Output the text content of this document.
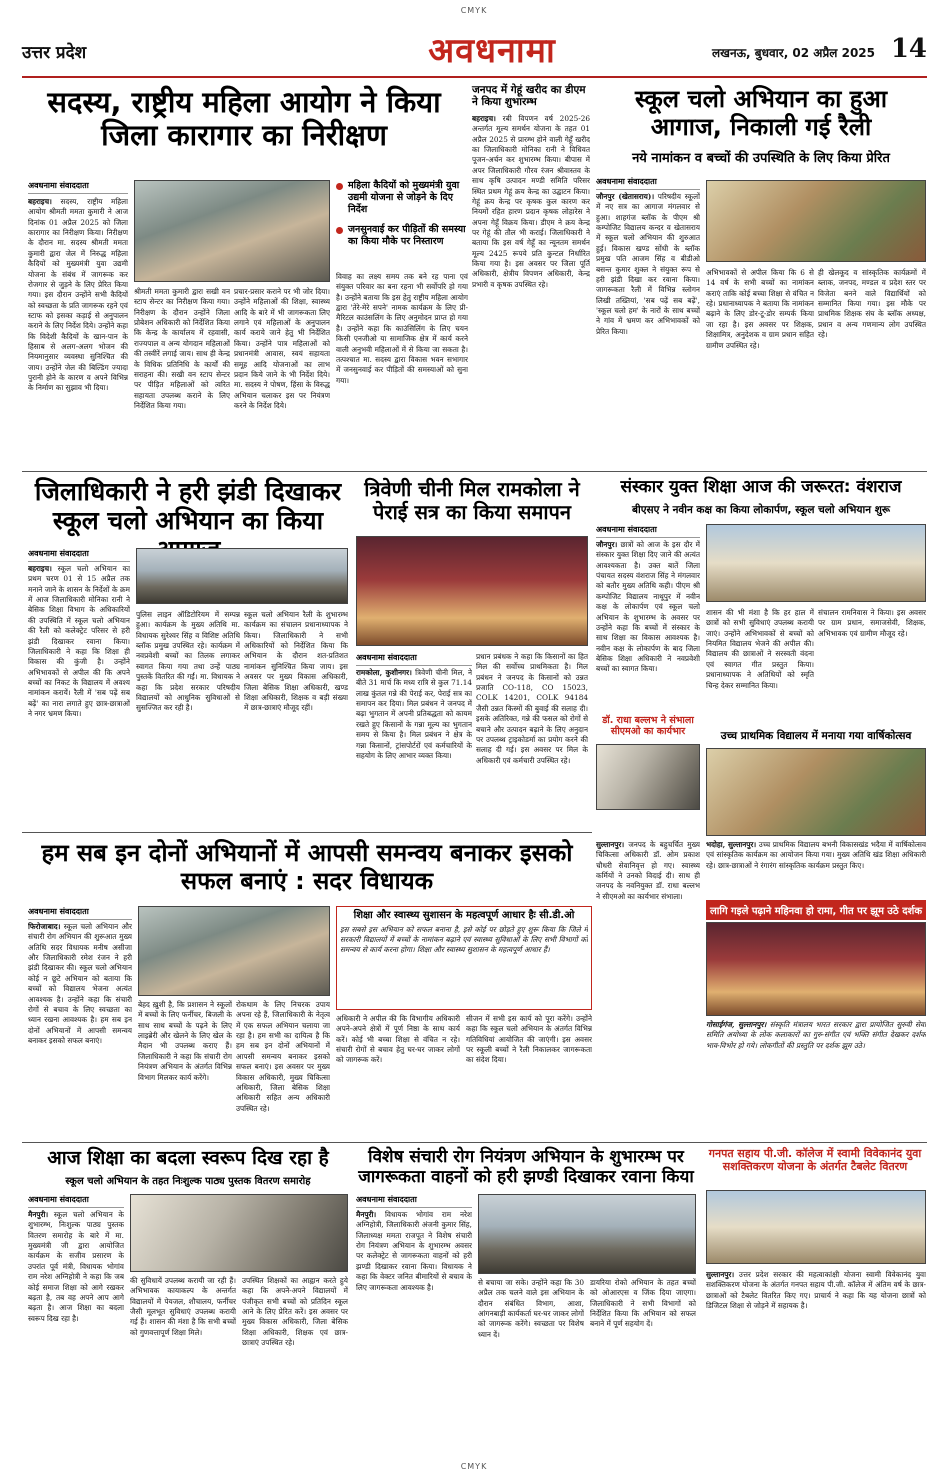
CMYK
उत्तर प्रदेश	अवधनामा	लखनऊ, बुधवार, 02 अप्रैल 2025 14
सदस्य, राष्ट्रीय महिला आयोग ने किया जिला कारागार का निरीक्षण
अवधनामा संवाददाता
बहराइच। सदस्य, राष्ट्रीय महिला आयोग श्रीमती ममता कुमारी ने आज दिनांक 01 अप्रैल 2025 को जिला कारागार का निरीक्षण किया। निरीक्षण के दौरान मा. सदस्य श्रीमती ममता कुमारी द्वारा जेल में निरुद्ध महिला कैदियों को मुख्यमंत्री युवा उद्यमी योजना के संबंध में जागरूक कर रोजगार से जुड़ने के लिए प्रेरित किया गया। इस दौरान उन्होंने सभी कैदियों को स्वच्छता के प्रति जागरूक रहने एवं स्टाफ को इसका कड़ाई से अनुपालन कराने के लिए निर्देश दिये। उन्होंने कहा कि विदेशी कैदियों के खान-पान के हिसाब से अलग-अलग भोजन की नियमानुसार व्यवस्था सुनिश्चित की जाय। उन्होंने जेल की बिल्डिंग ज्यादा पुरानी होने के कारण व अपने विभिन्न के निर्माण का सुझाव भी दिया।
श्रीमती ममता कुमारी द्वारा सखी वन स्टाप सेन्टर का निरीक्षण किया गया। निरीक्षण के दौरान उन्होंने जिला प्रोबेशन अधिकारी को निर्देशित किया कि केन्द्र के कार्यालय में रहवासी, राज्यपाल व अन्य योगदान महिलाओं की तस्वीरें लगाई जाय। साथ ही केन्द्र के विधिक प्रतिनिधि के कार्यों की सराहना की। सखी वन स्टाप सेन्टर पर पीड़ित महिलाओं को त्वरित सहायता उपलब्ध कराने के लिए निर्देशित किया गया।
प्रचार-प्रसार कराने पर भी जोर दिया। उन्होंने महिलाओं की शिक्षा, स्वास्थ्य आदि के बारे में भी जागरूकता लिए लगाने एवं महिलाओं के अनुपालन कार्य कराये जाने हेतु भी निर्देशित किया। उन्होंने पात्र महिलाओं को प्रधानमंत्री आवास, स्वयं सहायता समूह आदि योजनाओं का लाभ प्रदान किये जाने के भी निर्देश दिये। मा. सदस्य ने पोषण, हिंसा के विरुद्ध अभियान चलाकर इस पर नियंत्रण करने के निर्देश दिये।
महिला कैदियों को मुख्यमंत्री युवा उद्यमी योजना से जोड़ने के दिए निर्देश
जनसुनवाई कर पीड़ितों की समस्या का किया मौके पर निस्तारण
विवाह का लक्ष्य समय तक बने रह पाना एवं संयुक्त परिवार का बना रहना भी सर्वोपरि हो गया है। उन्होंने बताया कि इस हेतु राष्ट्रीय महिला आयोग द्वारा 'तेरे-मेरे सपने' नामक कार्यक्रम के लिए प्री-मैरिटल काउंसलिंग के लिए अनुमोदन प्राप्त हो गया है। उन्होंने कहा कि काउंसिलिंग के लिए चयन किसी एनजीओ या सामाजिक क्षेत्र में कार्य करने वाली अनुभवी महिलाओं में से किया जा सकता है। तत्पश्चात मा. सदस्य द्वारा विकास भवन सभागार में जनसुनवाई कर पीड़ितों की समस्याओं को सुना गया।
जनपद में गेहूं खरीद का डीएम ने किया शुभारम्भ
बहराइच। रबी विपणन वर्ष 2025-26 अन्तर्गत मूल्य समर्थन योजना के तहत 01 अप्रैल 2025 से प्रारम्भ होने वाली गेहूँ खरीद का जिलाधिकारी मोनिका रानी ने विधिवत पूजन-अर्चन कर शुभारम्भ किया। बीपास में अपर जिलाधिकारी गौरव रंजन श्रीवास्तव के साथ कृषि उत्पादन मण्डी समिति परिसर स्थित प्रथम गेहूं क्रय केन्द्र का उद्घाटन किया। गेहूं क्रय केन्द्र पर कृषक कुल कारण कर नियमों रहित हारण प्रदान कृषक लोहारेस ने अपना गेहूँ विक्रय किया। डीएम ने क्रय केन्द्र पर गेहूं की तौल भी कराई। जिलाधिकारी ने बताया कि इस वर्ष गेहूँ का न्यूनतम समर्थन मूल्य 2425 रूपये प्रति कुन्टल निर्धारित किया गया है। इस अवसर पर जिला पूर्ति अधिकारी, क्षेत्रीय विपणन अधिकारी, केन्द्र प्रभारी व कृषक उपस्थित रहे।
स्कूल चलो अभियान का हुआ आगाज, निकाली गई रैली
नये नामांकन व बच्चों की उपस्थिति के लिए किया प्रेरित
अवधनामा संवाददाता
जौनपुर (खेतासराय)। परिषदीय स्कूलों में नए सत्र का आगाज मंगलवार से हुआ। शाहगंज ब्लॉक के पीएम श्री कम्पोजिट विद्यालय कन्दर व खेतासराय में स्कूल चलो अभियान की शुरुआत हुई। विकास खण्ड सोंधी के ब्लॉक प्रमुख पति आजम सिंह व बीडीओ बसन्त कुमार शुक्ल ने संयुक्त रूप से हरी झंडी दिखा कर रवाना किया। जागरूकता रैली में विभिन्न स्लोगन लिखी तख्तियां, 'सब पढ़ें सब बढ़ें', 'स्कूल चलो हम' के नारों के साथ बच्चों ने गांव में भ्रमण कर अभिभावकों को प्रेरित किया।
अभिभावकों से अपील किया कि 6 से 14 वर्ष के सभी बच्चों का नामांकन कराएं ताकि कोई बच्चा शिक्षा से वंचित न रहे। प्रधानाध्यापक ने बताया कि नामांकन बढ़ाने के लिए डोर-टू-डोर सम्पर्क किया जा रहा है। इस अवसर पर शिक्षक, शिक्षामित्र, अनुदेशक व ग्राम प्रधान सहित ग्रामीण उपस्थित रहे।
ही खेलकूद व सांस्कृतिक कार्यक्रमों में ब्लाक, जनपद, मण्डल व प्रदेश स्तर पर विजेता बनने वाले विद्यार्थियों को सम्मानित किया गया। इस मौके पर प्राथमिक शिक्षक संघ के ब्लॉक अध्यक्ष, प्रधान व अन्य गणमान्य लोग उपस्थित रहे।
जिलाधिकारी ने हरी झंडी दिखाकर स्कूल चलो अभियान का किया
अवधनामा संवाददाता
बहराइच। स्कूल चलो अभियान का प्रथम चरण 01 से 15 अप्रैल तक मनाने जाने के शासन के निर्देशों के क्रम में आज जिलाधिकारी मोनिका रानी ने बेसिक शिक्षा विभाग के अधिकारियों की उपस्थिति में स्कूल चलो अभियान की रैली को कलेक्ट्रेट परिसर से हरी झंडी दिखाकर रवाना किया। जिलाधिकारी ने कहा कि शिक्षा ही विकास की कुंजी है। उन्होंने अभिभावकों से अपील की कि अपने बच्चों का निकट के विद्यालय में अवश्य नामांकन करायें। रैली में 'सब पढ़ें सब बढ़ें' का नारा लगाते हुए छात्र-छात्राओं ने नगर भ्रमण किया।
पुलिस लाइन ऑडिटोरियम में सम्पन्न हुआ। कार्यक्रम के मुख्य अतिथि मा. विधायक सुरेश्वर सिंह व विशिष्ट अतिथि ब्लॉक प्रमुख उपस्थित रहे। कार्यक्रम में नवप्रवेशी बच्चों का तिलक लगाकर स्वागत किया गया तथा उन्हें पाठ्य पुस्तकें वितरित की गईं। मा. विधायक ने कहा कि प्रदेश सरकार परिषदीय विद्यालयों को आधुनिक सुविधाओं से सुसज्जित कर रही है।
स्कूल चलो अभियान रैली के शुभारम्भ कार्यक्रम का संचालन प्रधानाध्यापक ने किया। जिलाधिकारी ने सभी अधिकारियों को निर्देशित किया कि अभियान के दौरान शत-प्रतिशत नामांकन सुनिश्चित किया जाय। इस अवसर पर मुख्य विकास अधिकारी, जिला बेसिक शिक्षा अधिकारी, खण्ड शिक्षा अधिकारी, शिक्षक व बड़ी संख्या में छात्र-छात्राएं मौजूद रहीं।
त्रिवेणी चीनी मिल रामकोला ने पेराई सत्र का किया समापन
अवधनामा संवाददाता
रामकोला, कुशीनगर। त्रिवेणी चीनी मिल, ने बीते 31 मार्च कि मध्य रात्रि से कुल 71.14 लाख कुंतल गन्ने की पेराई कर, पेराई सत्र का समापन कर दिया। मिल प्रबंधन ने जनपद में बढ़ा भुगतान में अपनी प्रतिबद्धता को कायम रखते हुए किसानों के गन्ना मूल्य का भुगतान समय से किया है। मिल प्रबंधन ने क्षेत्र के गन्ना किसानों, ट्रांसपोर्टरों एवं कर्मचारियों के सहयोग के लिए आभार व्यक्त किया।
प्रधान प्रबंधक ने कहा कि किसानों का हित मिल की सर्वोच्च प्राथमिकता है। मिल प्रबंधन ने जनपद के किसानों को उन्नत प्रजाति CO-118, CO 15023, COLK 14201, COLK 94184 जैसी उन्नत किस्मों की बुवाई की सलाह दी। इसके अतिरिक्त, गन्ने की फसल को रोगों से बचाने और उत्पादन बढ़ाने के लिए अनुदान पर उपलब्ध ट्राइकोडर्मा का प्रयोग करने की सलाह दी गई। इस अवसर पर मिल के अधिकारी एवं कर्मचारी उपस्थित रहे।
संस्कार युक्त शिक्षा आज की जरूरत: वंशराज
बीएसए ने नवीन कक्ष का किया लोकार्पण, स्कूल चलो अभियान शुरू
अवधनामा संवाददाता
जौनपुर। छात्रों को आज के इस दौर में संस्कार युक्त शिक्षा दिए जाने की अत्यंत आवश्यकता है। उक्त बातें जिला पंचायत सदस्य वंशराज सिंह ने मंगलवार को बतौर मुख्य अतिथि कही। पीएम श्री कम्पोजिट विद्यालय नाथूपुर में नवीन कक्ष के लोकार्पण एवं स्कूल चलो अभियान के शुभारम्भ के अवसर पर उन्होंने कहा कि बच्चों में संस्कार के साथ शिक्षा का विकास आवश्यक है। नवीन कक्ष के लोकार्पण के बाद जिला बेसिक शिक्षा अधिकारी ने नवप्रवेशी बच्चों का स्वागत किया।
शासन की भी मंशा है कि हर हाल में छात्रों को सभी सुविधाएं उपलब्ध करायी जाएं। उन्होंने अभिभावकों से बच्चों को नियमित विद्यालय भेजने की अपील की। विद्यालय की छात्राओं ने सरस्वती वंदना एवं स्वागत गीत प्रस्तुत किया। प्रधानाध्यापक ने अतिथियों को स्मृति चिन्ह देकर सम्मानित किया।
संचालन रामनिवास ने किया। इस अवसर पर ग्राम प्रधान, समाजसेवी, शिक्षक, अभिभावक एवं ग्रामीण मौजूद रहे।
डॉ. राधा बल्लभ ने संभाला सीएमओ का कार्यभार	उच्च प्राथमिक विद्यालय में मनाया गया वार्षिकोत्सव
हम सब इन दोनों अभियानों में आपसी समन्वय बनाकर इसको सफल बनाएं : सदर विधायक
अवधनामा संवाददाता
फिरोजाबाद। स्कूल चलो अभियान और संचारी रोग अभियान की शुरूआत मुख्य अतिथि सदर विधायक मनीष असीजा और जिलाधिकारी रमेश रंजन ने हरी झंडी दिखाकर की। स्कूल चलो अभियान कोई न छूटे अभियान को बताया कि बच्चों को विद्यालय भेजना अत्यंत आवश्यक है। उन्होंने कहा कि संचारी रोगों से बचाव के लिए स्वच्छता का ध्यान रखना आवश्यक है। हम सब इन दोनों अभियानों में आपसी समन्वय बनाकर इसको सफल बनाएं।
बेहद ख़ुशी है, कि प्रशासन ने स्कूलों में बच्चों के लिए फर्नीचर, बिजली के साथ साथ बच्चों के पढ़ने के लिए लाइब्रेरी और खेलने के लिए खेल के मैदान भी उपलब्ध कराए हैं। जिलाधिकारी ने कहा कि संचारी रोग नियंत्रण अभियान के अंतर्गत विभिन्न विभाग मिलकर कार्य करेंगे।
रोकथाम के लिए निचरक उपाय अपना रहे हैं, जिलाधिकारी के नेतृत्व में एक सफल अभियान चलाया जा रहा है। हम सभी का दायित्व है कि हम सब इन दोनों अभियानों में आपसी समन्वय बनाकर इसको सफल बनाएं। इस अवसर पर मुख्य विकास अधिकारी, मुख्य चिकित्सा अधिकारी, जिला बेसिक शिक्षा अधिकारी सहित अन्य अधिकारी उपस्थित रहे।
शिक्षा और स्वास्थ्य सुशासन के महत्वपूर्ण आधार हैः सी.डी.ओ
इस सबसे इस अभियान को सफल बनाना है, इसे कोई पर छोड़ते हुए शुरू किया कि जिले में सरकारी विद्यालयों में बच्चों के नामांकन बढ़ाने एवं स्वास्थ्य सुविधाओं के लिए सभी विभागों को समन्वय से कार्य करना होगा। शिक्षा और स्वास्थ्य सुशासन के महत्वपूर्ण आधार हैं।
अधिकारी ने अपील की कि विभागीय अधिकारी अपने-अपने क्षेत्रों में पूर्ण निष्ठा के साथ कार्य करें। कोई भी बच्चा शिक्षा से वंचित न रहे। संचारी रोगों से बचाव हेतु घर-घर जाकर लोगों को जागरूक करें।
सीजन में सभी इस कार्य को पूरा करेंगे। उन्होंने कहा कि स्कूल चलो अभियान के अंतर्गत विभिन्न गतिविधियां आयोजित की जाएंगी। इस अवसर पर स्कूली बच्चों ने रैली निकालकर जागरूकता का संदेश दिया।
सुल्तानपुर। जनपद के बहुचर्चित मुख्य चिकित्सा अधिकारी डॉ. ओम प्रकाश चौधरी सेवानिवृत्त हो गए। स्वास्थ्य कर्मियों ने उनको विदाई दी। साथ ही जनपद के नवनियुक्त डॉ. राधा बल्लभ ने सीएमओ का कार्यभार संभाला।
भदोहा, सुल्तानपुर। उच्च प्राथमिक विद्यालय बभनी विकासखंड भदैया में वार्षिकोत्सव एवं सांस्कृतिक कार्यक्रम का आयोजन किया गया। मुख्य अतिथि खंड शिक्षा अधिकारी रहे। छात्र-छात्राओं ने रंगारंग सांस्कृतिक कार्यक्रम प्रस्तुत किए।
लागि गइले पढ़ाने महिनवा हो रामा, गीत पर झूम उठे दर्शक
गोसाईगंज, सुल्तानपुर। संस्कृति मंत्रालय भारत सरकार द्वारा प्रायोजित सुरुवी सेवा समिति अयोध्या के लोक कलाकारों का गुरु-संगीत एवं भक्ति संगीत देखकर दर्शक भाव-विभोर हो गये। लोकगीतों की प्रस्तुति पर दर्शक झूम उठे।
आज शिक्षा का बदला स्वरूप दिख रहा है
स्कूल चलो अभियान के तहत निःशुल्क पाठ्य पुस्तक वितरण समारोह
अवधनामा संवाददाता
मैनपुरी। स्कूल चलो अभियान के शुभारम्भ, निःशुल्क पाठ्य पुस्तक वितरण समारोह के बारे में मा. मुख्यमंत्री जी द्वारा आयोजित कार्यक्रम के सजीव प्रसारण के उपरांत पूर्व मंत्री, विधायक भोगांव राम नरेश अग्निहोत्री ने कहा कि जब कोई समाज शिक्षा को आगे रखकर बढ़ता है, तब वह अपने आप आगे बढ़ता है। आज शिक्षा का बदला स्वरूप दिख रहा है।
की सुविधायें उपलब्ध करायी जा रही हैं। अभिभावक कायाकल्प के अन्तर्गत विद्यालयों में पेयजल, शौचालय, फर्नीचर जैसी मूलभूत सुविधाएं उपलब्ध करायी गई हैं। शासन की मंशा है कि सभी बच्चों को गुणवत्तापूर्ण शिक्षा मिले।
उपस्थित शिक्षकों का आह्वान करते हुये कहा कि अपने-अपने विद्यालयों में पंजीकृत सभी बच्चों को प्रतिदिन स्कूल आने के लिए प्रेरित करें। इस अवसर पर मुख्य विकास अधिकारी, जिला बेसिक शिक्षा अधिकारी, शिक्षक एवं छात्र-छात्राएं उपस्थित रहे।
विशेष संचारी रोग नियंत्रण अभियान के शुभारम्भ पर जागरूकता वाहनों को हरी झण्डी दिखाकर रवाना किया
अवधनामा संवाददाता
मैनपुरी। विधायक भोगांव राम नरेश अग्निहोत्री, जिलाधिकारी अंजनी कुमार सिंह, जिलाध्यक्ष ममता राजपूत ने विशेष संचारी रोग नियंत्रण अभियान के शुभारम्भ अवसर पर कलेक्ट्रेट से जागरूकता वाहनों को हरी झण्डी दिखाकर रवाना किया। विधायक ने कहा कि वेक्टर जनित बीमारियों से बचाव के लिए जागरूकता आवश्यक है।
से बचाया जा सके। उन्होंने कहा कि 30 अप्रैल तक चलने वाले इस अभियान के दौरान संबंधित विभाग, आशा, आंगनबाड़ी कार्यकर्ता घर-घर जाकर लोगों को जागरूक करेंगे। स्वच्छता पर विशेष ध्यान दें।
डायरिया रोको अभियान के तहत बच्चों को ओआरएस व जिंक दिया जाएगा। जिलाधिकारी ने सभी विभागों को निर्देशित किया कि अभियान को सफल बनाने में पूर्ण सहयोग दें।
गनपत सहाय पी.जी. कॉलेज में स्वामी विवेकानंद युवा सशक्तिकरण योजना के अंतर्गत टैबलेट वितरण
सुल्तानपुर। उत्तर प्रदेश सरकार की महत्वाकांक्षी योजना स्वामी विवेकानंद युवा सशक्तिकरण योजना के अंतर्गत गनपत सहाय पी.जी. कॉलेज में अंतिम वर्ष के छात्र-छात्राओं को टैबलेट वितरित किए गए। प्राचार्य ने कहा कि यह योजना छात्रों को डिजिटल शिक्षा से जोड़ने में सहायक है।
CMYK
